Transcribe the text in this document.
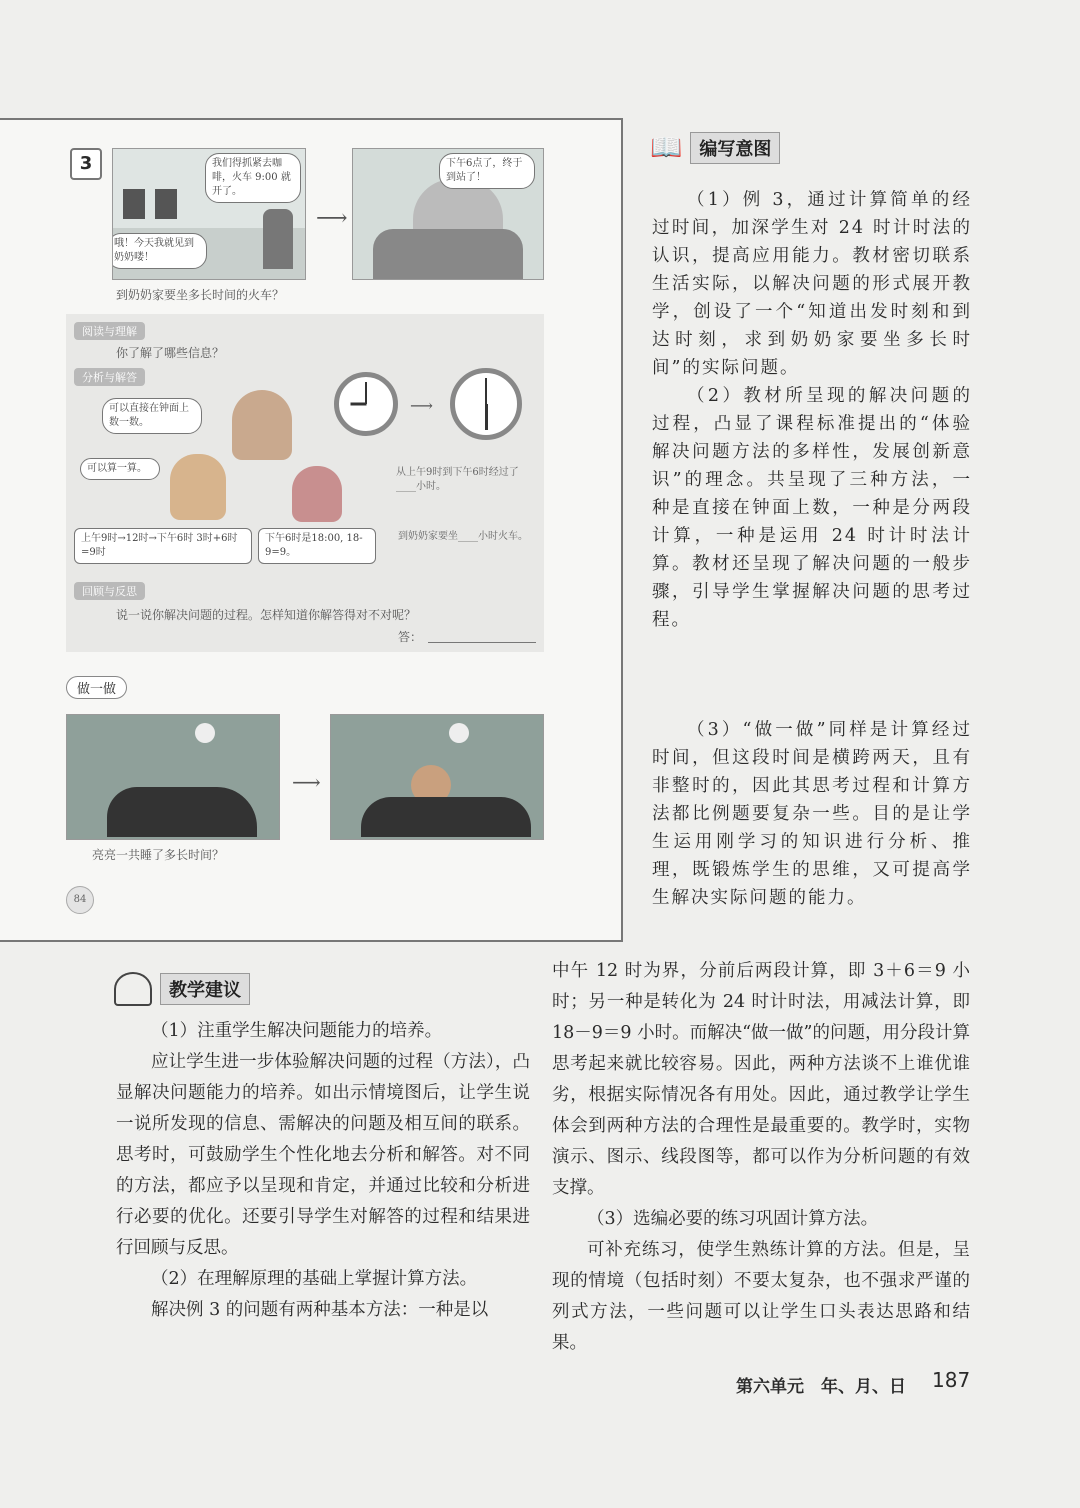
3	我们得抓紧去咖啡，火车 9:00 就开了。
哦！今天我就见到奶奶喽！
⟶
下午6点了，终于到站了！
到奶奶家要坐多长时间的火车？
阅读与理解
你了解了哪些信息？
分析与解答
可以直接在钟面上数一数。
可以算一算。
⟶
从上午9时到下午6时经过了____小时。
上午9时→12时→下午6时 3时+6时=9时
下午6时是18:00, 18-9=9。
到奶奶家要坐____小时火车。
回顾与反思
说一说你解决问题的过程。怎样知道你解答得对不对呢？
答：
做一做
⟶
亮亮一共睡了多长时间？
84
📖 编写意图

（1）例 3，通过计算简单的经过时间，加深学生对 24 时计时法的认识，提高应用能力。教材密切联系生活实际，以解决问题的形式展开教学，创设了一个“知道出发时刻和到达时刻，求到奶奶家要坐多长时间”的实际问题。

（2）教材所呈现的解决问题的过程，凸显了课程标准提出的“体验解决问题方法的多样性，发展创新意识”的理念。共呈现了三种方法，一种是直接在钟面上数，一种是分两段计算，一种是运用 24 时计时法计算。教材还呈现了解决问题的一般步骤，引导学生掌握解决问题的思考过程。

（3）“做一做”同样是计算经过时间，但这段时间是横跨两天，且有非整时的，因此其思考过程和计算方法都比例题要复杂一些。目的是让学生运用刚学习的知识进行分析、推理，既锻炼学生的思维，又可提高学生解决实际问题的能力。

教学建议

（1）注重学生解决问题能力的培养。

应让学生进一步体验解决问题的过程（方法），凸显解决问题能力的培养。如出示情境图后，让学生说一说所发现的信息、需解决的问题及相互间的联系。思考时，可鼓励学生个性化地去分析和解答。对不同的方法，都应予以呈现和肯定，并通过比较和分析进行必要的优化。还要引导学生对解答的过程和结果进行回顾与反思。

（2）在理解原理的基础上掌握计算方法。

解决例 3 的问题有两种基本方法：一种是以

中午 12 时为界，分前后两段计算，即 3＋6＝9 小时；另一种是转化为 24 时计时法，用减法计算，即 18－9＝9 小时。而解决“做一做”的问题，用分段计算思考起来就比较容易。因此，两种方法谈不上谁优谁劣，根据实际情况各有用处。因此，通过教学让学生体会到两种方法的合理性是最重要的。教学时，实物演示、图示、线段图等，都可以作为分析问题的有效支撑。

（3）选编必要的练习巩固计算方法。

可补充练习，使学生熟练计算的方法。但是，呈现的情境（包括时刻）不要太复杂，也不强求严谨的列式方法，一些问题可以让学生口头表达思路和结果。

第六单元　年、月、日 187
